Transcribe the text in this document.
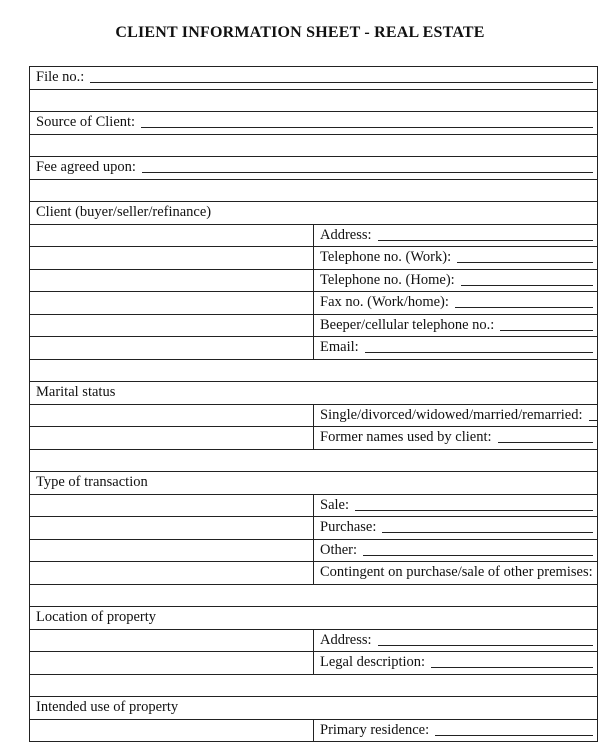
CLIENT INFORMATION SHEET - REAL ESTATE
File no.:	

Source of Client:	

Fee agreed upon:	

Client (buyer/seller/refinance)	

	Address:

	Telephone no. (Work):

	Telephone no. (Home):

	Fax no. (Work/home):

	Beeper/cellular telephone no.:

	Email:

Marital status	

	Single/divorced/widowed/married/remarried:

	Former names used by client:

Type of transaction	

	Sale:

	Purchase:

	Other:

	Contingent on purchase/sale of other premises:

Location of property	

	Address:

	Legal description:

Intended use of property	

	Primary residence:
